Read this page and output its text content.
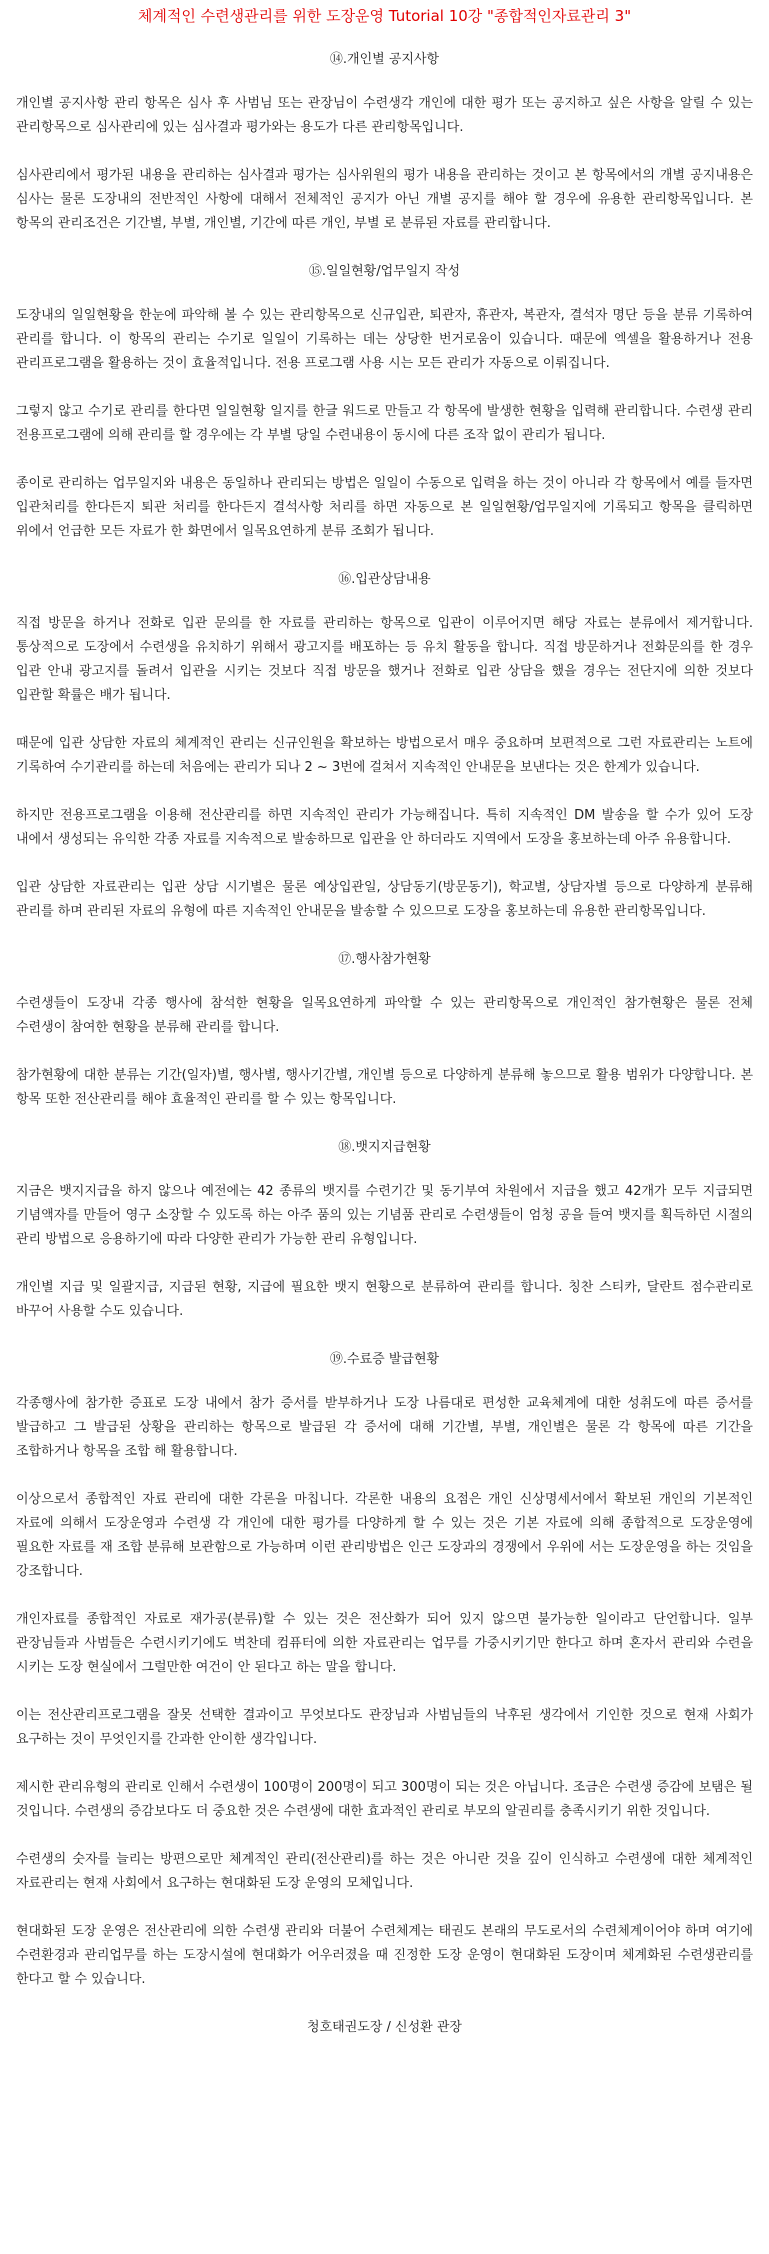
체계적인 수련생관리를 위한 도장운영 Tutorial 10강 "종합적인자료관리 3"
⑭.개인별 공지사항

개인별 공지사항 관리 항목은 심사 후 사범님 또는 관장님이 수련생각 개인에 대한 평가 또는 공지하고 싶은 사항을 알릴 수 있는 관리항목으로 심사관리에 있는 심사결과 평가와는 용도가 다른 관리항목입니다.

심사관리에서 평가된 내용을 관리하는 심사결과 평가는 심사위원의 평가 내용을 관리하는 것이고 본 항목에서의 개별 공지내용은 심사는 물론 도장내의 전반적인 사항에 대해서 전체적인 공지가 아닌 개별 공지를 해야 할 경우에 유용한 관리항목입니다. 본 항목의 관리조건은 기간별, 부별, 개인별, 기간에 따른 개인, 부별 로 분류된 자료를 관리합니다.

⑮.일일현황/업무일지 작성

도장내의 일일현황을 한눈에 파악해 볼 수 있는 관리항목으로 신규입관, 퇴관자, 휴관자, 복관자, 결석자 명단 등을 분류 기록하여 관리를 합니다. 이 항목의 관리는 수기로 일일이 기록하는 데는 상당한 번거로움이 있습니다. 때문에 엑셀을 활용하거나 전용 관리프로그램을 활용하는 것이 효율적입니다. 전용 프로그램 사용 시는 모든 관리가 자동으로 이뤄집니다.

그렇지 않고 수기로 관리를 한다면 일일현황 일지를 한글 워드로 만들고 각 항목에 발생한 현황을 입력해 관리합니다. 수련생 관리 전용프로그램에 의해 관리를 할 경우에는 각 부별 당일 수련내용이 동시에 다른 조작 없이 관리가 됩니다.

종이로 관리하는 업무일지와 내용은 동일하나 관리되는 방법은 일일이 수동으로 입력을 하는 것이 아니라 각 항목에서 예를 들자면 입관처리를 한다든지 퇴관 처리를 한다든지 결석사항 처리를 하면 자동으로 본 일일현황/업무일지에 기록되고 항목을 클릭하면 위에서 언급한 모든 자료가 한 화면에서 일목요연하게 분류 조회가 됩니다.

⑯.입관상담내용

직접 방문을 하거나 전화로 입관 문의를 한 자료를 관리하는 항목으로 입관이 이루어지면 해당 자료는 분류에서 제거합니다. 통상적으로 도장에서 수련생을 유치하기 위해서 광고지를 배포하는 등 유치 활동을 합니다. 직접 방문하거나 전화문의를 한 경우 입관 안내 광고지를 돌려서 입관을 시키는 것보다 직접 방문을 했거나 전화로 입관 상담을 했을 경우는 전단지에 의한 것보다 입관할 확률은 배가 됩니다.

때문에 입관 상담한 자료의 체계적인 관리는 신규인원을 확보하는 방법으로서 매우 중요하며 보편적으로 그런 자료관리는 노트에 기록하여 수기관리를 하는데 처음에는 관리가 되나 2 ~ 3번에 걸쳐서 지속적인 안내문을 보낸다는 것은 한계가 있습니다.

하지만 전용프로그램을 이용해 전산관리를 하면 지속적인 관리가 가능해집니다. 특히 지속적인 DM 발송을 할 수가 있어 도장 내에서 생성되는 유익한 각종 자료를 지속적으로 발송하므로 입관을 안 하더라도 지역에서 도장을 홍보하는데 아주 유용합니다.

입관 상담한 자료관리는 입관 상담 시기별은 물론 예상입관일, 상담동기(방문동기), 학교별, 상담자별 등으로 다양하게 분류해 관리를 하며 관리된 자료의 유형에 따른 지속적인 안내문을 발송할 수 있으므로 도장을 홍보하는데 유용한 관리항목입니다.

⑰.행사참가현황

수련생들이 도장내 각종 행사에 참석한 현황을 일목요연하게 파악할 수 있는 관리항목으로 개인적인 참가현황은 물론 전체 수련생이 참여한 현황을 분류해 관리를 합니다.

참가현황에 대한 분류는 기간(일자)별, 행사별, 행사기간별, 개인별 등으로 다양하게 분류해 놓으므로 활용 범위가 다양합니다. 본 항목 또한 전산관리를 해야 효율적인 관리를 할 수 있는 항목입니다.

⑱.뱃지지급현황

지금은 뱃지지급을 하지 않으나 예전에는 42 종류의 뱃지를 수련기간 및 동기부여 차원에서 지급을 했고 42개가 모두 지급되면 기념액자를 만들어 영구 소장할 수 있도록 하는 아주 품의 있는 기념품 관리로 수련생들이 엄청 공을 들여 뱃지를 획득하던 시절의 관리 방법으로 응용하기에 따라 다양한 관리가 가능한 관리 유형입니다.

개인별 지급 및 일괄지급, 지급된 현황, 지급에 필요한 뱃지 현황으로 분류하여 관리를 합니다. 칭찬 스티카, 달란트 점수관리로 바꾸어 사용할 수도 있습니다.

⑲.수료증 발급현황

각종행사에 참가한 증표로 도장 내에서 참가 증서를 받부하거나 도장 나름대로 편성한 교육체계에 대한 성취도에 따른 증서를 발급하고 그 발급된 상황을 관리하는 항목으로 발급된 각 증서에 대해 기간별, 부별, 개인별은 물론 각 항목에 따른 기간을 조합하거나 항목을 조합 해 활용합니다.

이상으로서 종합적인 자료 관리에 대한 각론을 마칩니다. 각론한 내용의 요점은 개인 신상명세서에서 확보된 개인의 기본적인 자료에 의해서 도장운영과 수련생 각 개인에 대한 평가를 다양하게 할 수 있는 것은 기본 자료에 의해 종합적으로 도장운영에 필요한 자료를 재 조합 분류해 보관함으로 가능하며 이런 관리방법은 인근 도장과의 경쟁에서 우위에 서는 도장운영을 하는 것임을 강조합니다.

개인자료를 종합적인 자료로 재가공(분류)할 수 있는 것은 전산화가 되어 있지 않으면 불가능한 일이라고 단언합니다. 일부 관장님들과 사범들은 수련시키기에도 벅찬데 컴퓨터에 의한 자료관리는 업무를 가중시키기만 한다고 하며 혼자서 관리와 수련을 시키는 도장 현실에서 그럴만한 여건이 안 된다고 하는 말을 합니다.

이는 전산관리프로그램을 잘못 선택한 결과이고 무엇보다도 관장님과 사범님들의 낙후된 생각에서 기인한 것으로 현재 사회가 요구하는 것이 무엇인지를 간과한 안이한 생각입니다.

제시한 관리유형의 관리로 인해서 수련생이 100명이 200명이 되고 300명이 되는 것은 아닙니다. 조금은 수련생 증감에 보탬은 될 것입니다. 수련생의 증감보다도 더 중요한 것은 수련생에 대한 효과적인 관리로 부모의 알권리를 충족시키기 위한 것입니다.

수련생의 숫자를 늘리는 방편으로만 체계적인 관리(전산관리)를 하는 것은 아니란 것을 깊이 인식하고 수련생에 대한 체계적인 자료관리는 현재 사회에서 요구하는 현대화된 도장 운영의 모체입니다.

현대화된 도장 운영은 전산관리에 의한 수련생 관리와 더불어 수련체계는 태권도 본래의 무도로서의 수련체계이어야 하며 여기에 수련환경과 관리업무를 하는 도장시설에 현대화가 어우러졌을 때 진정한 도장 운영이 현대화된 도장이며 체계화된 수련생관리를 한다고 할 수 있습니다.

청호태권도장 / 신성환 관장
